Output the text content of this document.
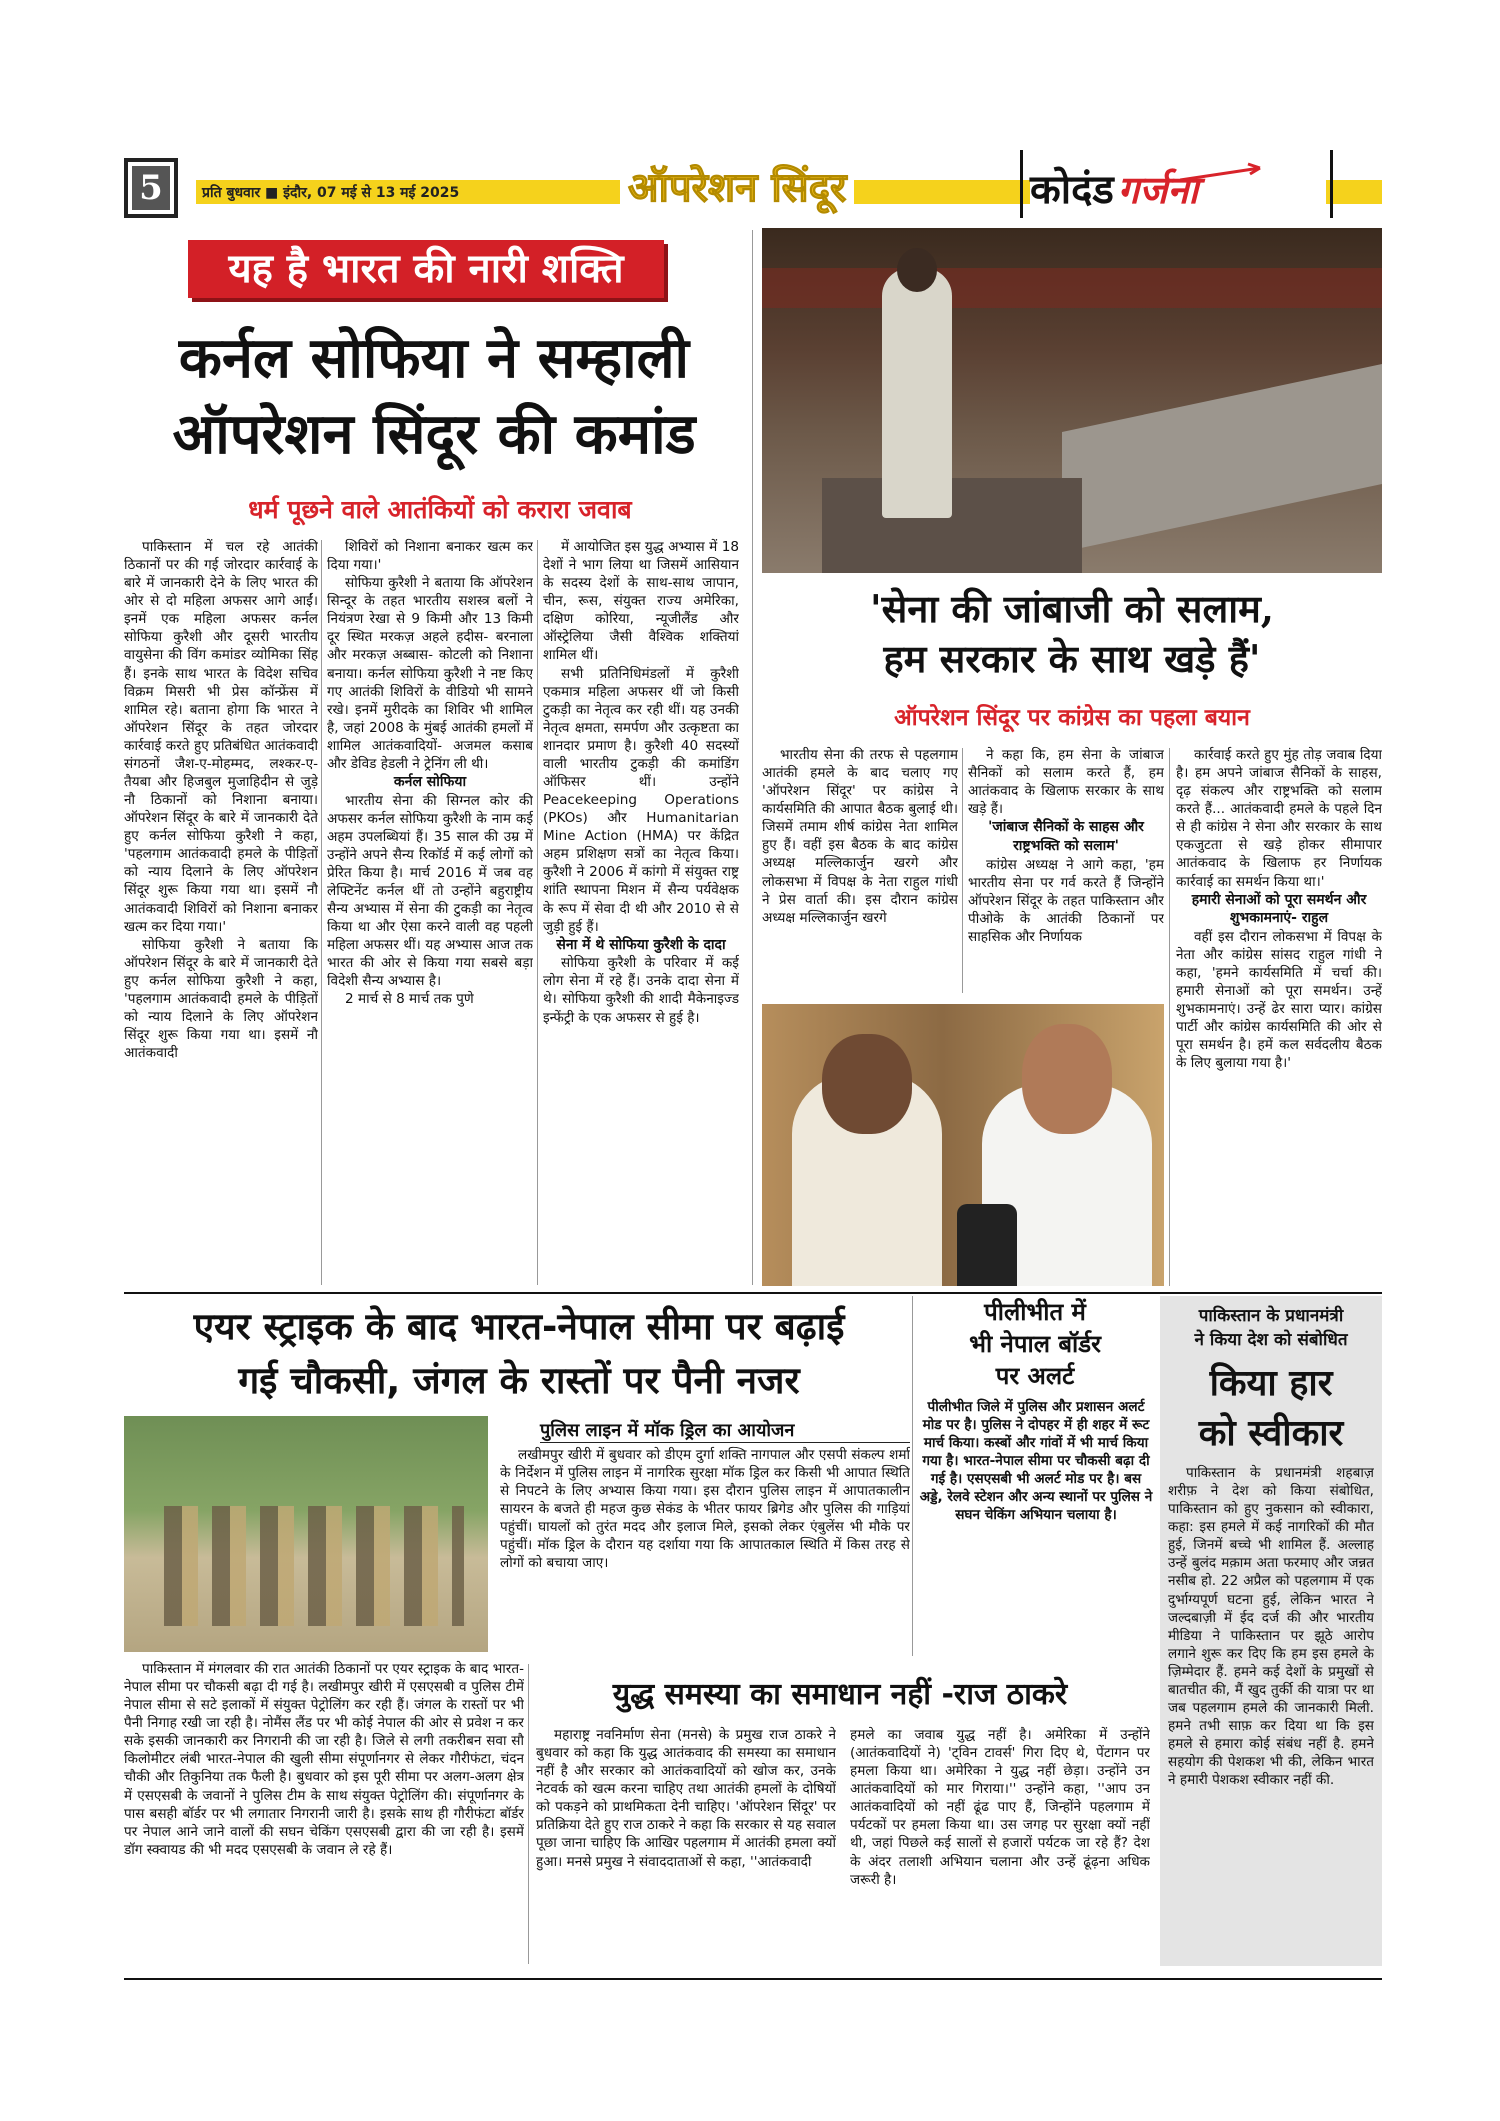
5	प्रति बुधवार ■ इंदौर, 07 मई से 13 मई 2025	ऑपरेशन सिंदूर	कोदंड गर्जना
यह है भारत की नारी शक्ति
कर्नल सोफिया ने सम्हाली
ऑपरेशन सिंदूर की कमांड
धर्म पूछने वाले आतंकियों को करारा जवाब

पाकिस्तान में चल रहे आतंकी ठिकानों पर की गई जोरदार कार्रवाई के बारे में जानकारी देने के लिए भारत की ओर से दो महिला अफसर आगे आईं। इनमें एक महिला अफसर कर्नल सोफिया कुरैशी और दूसरी भारतीय वायुसेना की विंग कमांडर व्योमिका सिंह हैं। इनके साथ भारत के विदेश सचिव विक्रम मिसरी भी प्रेस कॉन्फ्रेंस में शामिल रहे। बताना होगा कि भारत ने ऑपरेशन सिंदूर के तहत जोरदार कार्रवाई करते हुए प्रतिबंधित आतंकवादी संगठनों जैश-ए-मोहम्मद, लश्कर-ए-तैयबा और हिजबुल मुजाहिदीन से जुड़े नौ ठिकानों को निशाना बनाया। ऑपरेशन सिंदूर के बारे में जानकारी देते हुए कर्नल सोफिया कुरैशी ने कहा, 'पहलगाम आतंकवादी हमले के पीड़ितों को न्याय दिलाने के लिए ऑपरेशन सिंदूर शुरू किया गया था। इसमें नौ आतंकवादी शिविरों को निशाना बनाकर खत्म कर दिया गया।'

सोफिया कुरैशी ने बताया कि ऑपरेशन सिंदूर के बारे में जानकारी देते हुए कर्नल सोफिया कुरैशी ने कहा, 'पहलगाम आतंकवादी हमले के पीड़ितों को न्याय दिलाने के लिए ऑपरेशन सिंदूर शुरू किया गया था। इसमें नौ आतंकवादी

शिविरों को निशाना बनाकर खत्म कर दिया गया।'

सोफिया कुरैशी ने बताया कि ऑपरेशन सिन्दूर के तहत भारतीय सशस्त्र बलों ने नियंत्रण रेखा से 9 किमी और 13 किमी दूर स्थित मरकज़ अहले हदीस- बरनाला और मरकज़ अब्बास- कोटली को निशाना बनाया। कर्नल सोफिया कुरैशी ने नष्ट किए गए आतंकी शिविरों के वीडियो भी सामने रखे। इनमें मुरीदके का शिविर भी शामिल है, जहां 2008 के मुंबई आतंकी हमलों में शामिल आतंकवादियों- अजमल कसाब और डेविड हेडली ने ट्रेनिंग ली थी।

कर्नल सोफिया

भारतीय सेना की सिग्नल कोर की अफसर कर्नल सोफिया कुरैशी के नाम कई अहम उपलब्धियां हैं। 35 साल की उम्र में उन्होंने अपने सैन्य रिकॉर्ड में कई लोगों को प्रेरित किया है। मार्च 2016 में जब वह लेफ्टिनेंट कर्नल थीं तो उन्होंने बहुराष्ट्रीय सैन्य अभ्यास में सेना की टुकड़ी का नेतृत्व किया था और ऐसा करने वाली वह पहली महिला अफसर थीं। यह अभ्यास आज तक भारत की ओर से किया गया सबसे बड़ा विदेशी सैन्य अभ्यास है।

2 मार्च से 8 मार्च तक पुणे

में आयोजित इस युद्ध अभ्यास में 18 देशों ने भाग लिया था जिसमें आसियान के सदस्य देशों के साथ-साथ जापान, चीन, रूस, संयुक्त राज्य अमेरिका, दक्षिण कोरिया, न्यूजीलैंड और ऑस्ट्रेलिया जैसी वैश्विक शक्तियां शामिल थीं।

सभी प्रतिनिधिमंडलों में कुरैशी एकमात्र महिला अफसर थीं जो किसी टुकड़ी का नेतृत्व कर रही थीं। यह उनकी नेतृत्व क्षमता, समर्पण और उत्कृष्टता का शानदार प्रमाण है। कुरैशी 40 सदस्यों वाली भारतीय टुकड़ी की कमांडिंग ऑफिसर थीं। उन्होंने Peacekeeping Operations (PKOs) और Humanitarian Mine Action (HMA) पर केंद्रित अहम प्रशिक्षण सत्रों का नेतृत्व किया। कुरैशी ने 2006 में कांगो में संयुक्त राष्ट्र शांति स्थापना मिशन में सैन्य पर्यवेक्षक के रूप में सेवा दी थी और 2010 से से जुड़ी हुई हैं।

सेना में थे सोफिया कुरैशी के दादा

सोफिया कुरैशी के परिवार में कई लोग सेना में रहे हैं। उनके दादा सेना में थे। सोफिया कुरैशी की शादी मैकेनाइज्ड इन्फेंट्री के एक अफसर से हुई है।

'सेना की जांबाजी को सलाम,
हम सरकार के साथ खड़े हैं'
ऑपरेशन सिंदूर पर कांग्रेस का पहला बयान

भारतीय सेना की तरफ से पहलगाम आतंकी हमले के बाद चलाए गए 'ऑपरेशन सिंदूर' पर कांग्रेस ने कार्यसमिति की आपात बैठक बुलाई थी। जिसमें तमाम शीर्ष कांग्रेस नेता शामिल हुए हैं। वहीं इस बैठक के बाद कांग्रेस अध्यक्ष मल्लिकार्जुन खरगे और लोकसभा में विपक्ष के नेता राहुल गांधी ने प्रेस वार्ता की। इस दौरान कांग्रेस अध्यक्ष मल्लिकार्जुन खरगे

ने कहा कि, हम सेना के जांबाज सैनिकों को सलाम करते हैं, हम आतंकवाद के खिलाफ सरकार के साथ खड़े हैं।

'जांबाज सैनिकों के साहस और राष्ट्रभक्ति को सलाम'

कांग्रेस अध्यक्ष ने आगे कहा, 'हम भारतीय सेना पर गर्व करते हैं जिन्होंने ऑपरेशन सिंदूर के तहत पाकिस्तान और पीओके के आतंकी ठिकानों पर साहसिक और निर्णायक

कार्रवाई करते हुए मुंह तोड़ जवाब दिया है। हम अपने जांबाज सैनिकों के साहस, दृढ़ संकल्प और राष्ट्रभक्ति को सलाम करते हैं... आतंकवादी हमले के पहले दिन से ही कांग्रेस ने सेना और सरकार के साथ एकजुटता से खड़े होकर सीमापार आतंकवाद के खिलाफ हर निर्णायक कार्रवाई का समर्थन किया था।'

हमारी सेनाओं को पूरा समर्थन और शुभकामनाएं- राहुल

वहीं इस दौरान लोकसभा में विपक्ष के नेता और कांग्रेस सांसद राहुल गांधी ने कहा, 'हमने कार्यसमिति में चर्चा की। हमारी सेनाओं को पूरा समर्थन। उन्हें शुभकामनाएं। उन्हें ढेर सारा प्यार। कांग्रेस पार्टी और कांग्रेस कार्यसमिति की ओर से पूरा समर्थन है। हमें कल सर्वदलीय बैठक के लिए बुलाया गया है।'

एयर स्ट्राइक के बाद भारत-नेपाल सीमा पर बढ़ाई
गई चौकसी, जंगल के रास्तों पर पैनी नजर

पाकिस्तान में मंगलवार की रात आतंकी ठिकानों पर एयर स्ट्राइक के बाद भारत-नेपाल सीमा पर चौकसी बढ़ा दी गई है। लखीमपुर खीरी में एसएसबी व पुलिस टीमें नेपाल सीमा से सटे इलाकों में संयुक्त पेट्रोलिंग कर रही हैं। जंगल के रास्तों पर भी पैनी निगाह रखी जा रही है। नोमैंस लैंड पर भी कोई नेपाल की ओर से प्रवेश न कर सके इसकी जानकारी कर निगरानी की जा रही है। जिले से लगी तकरीबन सवा सौ किलोमीटर लंबी भारत-नेपाल की खुली सीमा संपूर्णानगर से लेकर गौरीफंटा, चंदन चौकी और तिकुनिया तक फैली है। बुधवार को इस पूरी सीमा पर अलग-अलग क्षेत्र में एसएसबी के जवानों ने पुलिस टीम के साथ संयुक्त पेट्रोलिंग की। संपूर्णानगर के पास बसही बॉर्डर पर भी लगातार निगरानी जारी है। इसके साथ ही गौरीफंटा बॉर्डर पर नेपाल आने जाने वालों की सघन चेकिंग एसएसबी द्वारा की जा रही है। इसमें डॉग स्क्वायड की भी मदद एसएसबी के जवान ले रहे हैं।

पुलिस लाइन में मॉक ड्रिल का आयोजन

लखीमपुर खीरी में बुधवार को डीएम दुर्गा शक्ति नागपाल और एसपी संकल्प शर्मा के निर्देशन में पुलिस लाइन में नागरिक सुरक्षा मॉक ड्रिल कर किसी भी आपात स्थिति से निपटने के लिए अभ्यास किया गया। इस दौरान पुलिस लाइन में आपातकालीन सायरन के बजते ही महज कुछ सेकंड के भीतर फायर ब्रिगेड और पुलिस की गाड़ियां पहुंचीं। घायलों को तुरंत मदद और इलाज मिले, इसको लेकर एंबुलेंस भी मौके पर पहुंचीं। मॉक ड्रिल के दौरान यह दर्शाया गया कि आपातकाल स्थिति में किस तरह से लोगों को बचाया जाए।

पीलीभीत में
भी नेपाल बॉर्डर
पर अलर्ट

पीलीभीत जिले में पुलिस और प्रशासन अलर्ट मोड पर है। पुलिस ने दोपहर में ही शहर में रूट मार्च किया। कस्बों और गांवों में भी मार्च किया गया है। भारत-नेपाल सीमा पर चौकसी बढ़ा दी गई है। एसएसबी भी अलर्ट मोड पर है। बस अड्डे, रेलवे स्टेशन और अन्य स्थानों पर पुलिस ने सघन चेकिंग अभियान चलाया है।

युद्ध समस्या का समाधान नहीं -राज ठाकरे

महाराष्ट्र नवनिर्माण सेना (मनसे) के प्रमुख राज ठाकरे ने बुधवार को कहा कि युद्ध आतंकवाद की समस्या का समाधान नहीं है और सरकार को आतंकवादियों को खोज कर, उनके नेटवर्क को खत्म करना चाहिए तथा आतंकी हमलों के दोषियों को पकड़ने को प्राथमिकता देनी चाहिए। 'ऑपरेशन सिंदूर' पर प्रतिक्रिया देते हुए राज ठाकरे ने कहा कि सरकार से यह सवाल पूछा जाना चाहिए कि आखिर पहलगाम में आतंकी हमला क्यों हुआ। मनसे प्रमुख ने संवाददाताओं से कहा, ''आतंकवादी

हमले का जवाब युद्ध नहीं है। अमेरिका में उन्होंने (आतंकवादियों ने) 'ट्विन टावर्स' गिरा दिए थे, पेंटागन पर हमला किया था। अमेरिका ने युद्ध नहीं छेड़ा। उन्होंने उन आतंकवादियों को मार गिराया।'' उन्होंने कहा, ''आप उन आतंकवादियों को नहीं ढूंढ पाए हैं, जिन्होंने पहलगाम में पर्यटकों पर हमला किया था। उस जगह पर सुरक्षा क्यों नहीं थी, जहां पिछले कई सालों से हजारों पर्यटक जा रहे हैं? देश के अंदर तलाशी अभियान चलाना और उन्हें ढूंढ़ना अधिक जरूरी है।

पाकिस्तान के प्रधानमंत्री
ने किया देश को संबोधित
किया हार
को स्वीकार

पाकिस्तान के प्रधानमंत्री शहबाज़ शरीफ़ ने देश को किया संबोधित, पाकिस्तान को हुए नुकसान को स्वीकारा, कहा: इस हमले में कई नागरिकों की मौत हुई, जिनमें बच्चे भी शामिल हैं. अल्लाह उन्हें बुलंद मक़ाम अता फरमाए और जन्नत नसीब हो. 22 अप्रैल को पहलगाम में एक दुर्भाग्यपूर्ण घटना हुई, लेकिन भारत ने जल्दबाज़ी में ईद दर्ज की और भारतीय मीडिया ने पाकिस्तान पर झूठे आरोप लगाने शुरू कर दिए कि हम इस हमले के ज़िम्मेदार हैं. हमने कई देशों के प्रमुखों से बातचीत की, मैं खुद तुर्की की यात्रा पर था जब पहलगाम हमले की जानकारी मिली. हमने तभी साफ़ कर दिया था कि इस हमले से हमारा कोई संबंध नहीं है. हमने सहयोग की पेशकश भी की, लेकिन भारत ने हमारी पेशकश स्वीकार नहीं की.
